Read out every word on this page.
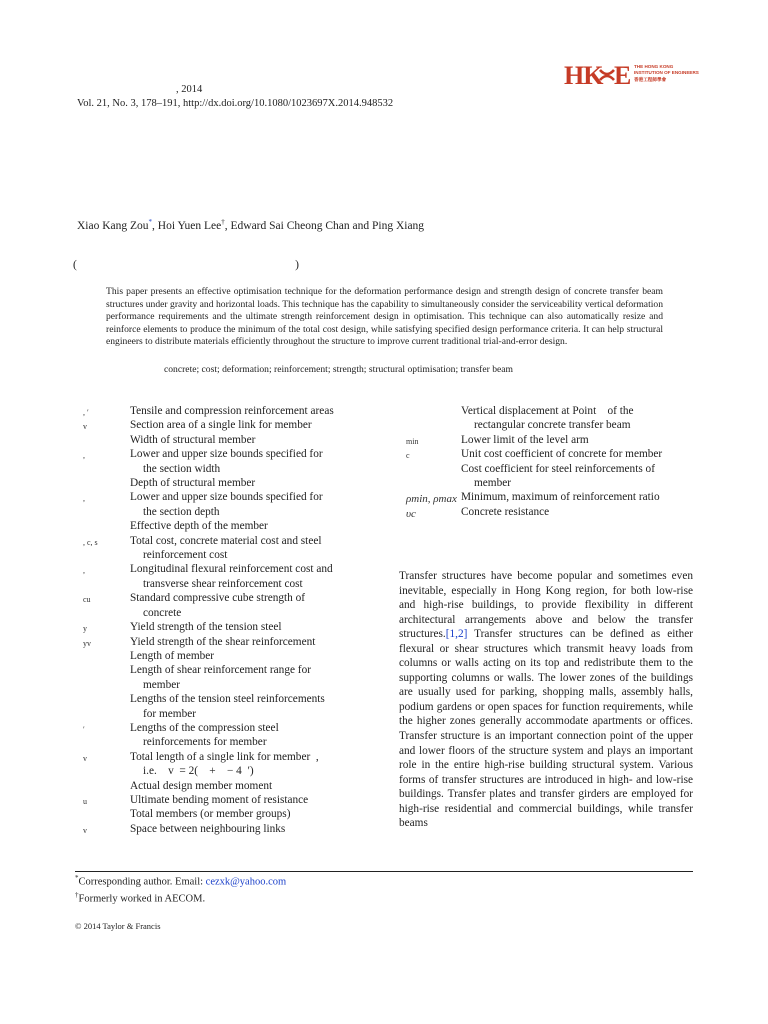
, 2014
Vol. 21, No. 3, 178–191, http://dx.doi.org/10.1080/1023697X.2014.948532
HK E THE HONG KONG
INSTITUTION OF ENGINEERS
香港工程師學會
Xiao Kang Zou*, Hoi Yuen Lee†, Edward Sai Cheong Chan and Ping Xiang
(	)
This paper presents an effective optimisation technique for the deformation performance design and strength design of concrete transfer beam structures under gravity and horizontal loads. This technique has the capability to simultaneously consider the serviceability vertical deformation performance requirements and the ultimate strength reinforcement design in optimisation. This technique can also automatically resize and reinforce elements to produce the minimum of the total cost design, while satisfying specified design performance criteria. It can help structural engineers to distribute materials efficiently throughout the structure to improve current traditional trial-and-error design.
concrete; cost; deformation; reinforcement; strength; structural optimisation; transfer beam
, ′	Tensile and compression reinforcement areas
v	Section area of a single link for member
Width of structural member
,	Lower and upper size bounds specified for
the section width
Depth of structural member
,	Lower and upper size bounds specified for
the section depth
Effective depth of the member
, c, s	Total cost, concrete material cost and steel
reinforcement cost
,	Longitudinal flexural reinforcement cost and
transverse shear reinforcement cost
cu	Standard compressive cube strength of
concrete
y	Yield strength of the tension steel
yv	Yield strength of the shear reinforcement
Length of member
Length of shear reinforcement range for
member
Lengths of the tension steel reinforcements
for member
′	Lengths of the compression steel
reinforcements for member
v	Total length of a single link for member  ,
i.e.    v  = 2(    +    − 4  ′)
Actual design member moment
u	Ultimate bending moment of resistance
Total members (or member groups)
v	Space between neighbouring links
Vertical displacement at Point    of the
rectangular concrete transfer beam
min	Lower limit of the level arm
c	Unit cost coefficient of concrete for member
Cost coefficient for steel reinforcements of
member
ρmin, ρmax Minimum, maximum of reinforcement ratio
υc	Concrete resistance
Transfer structures have become popular and sometimes even inevitable, especially in Hong Kong region, for both low-rise and high-rise buildings, to provide flexibility in different architectural arrangements above and below the transfer structures.[1,2] Transfer structures can be defined as either flexural or shear structures which transmit heavy loads from columns or walls acting on its top and redistribute them to the supporting columns or walls. The lower zones of the buildings are usually used for parking, shopping malls, assembly halls, podium gardens or open spaces for function requirements, while the higher zones generally accommodate apartments or offices. Transfer structure is an important connection point of the upper and lower floors of the structure system and plays an important role in the entire high-rise building structural system. Various forms of transfer structures are introduced in high- and low-rise buildings. Transfer plates and transfer girders are employed for high-rise residential and commercial buildings, while transfer beams
*Corresponding author. Email: cezxk@yahoo.com
†Formerly worked in AECOM.
© 2014 Taylor & Francis
